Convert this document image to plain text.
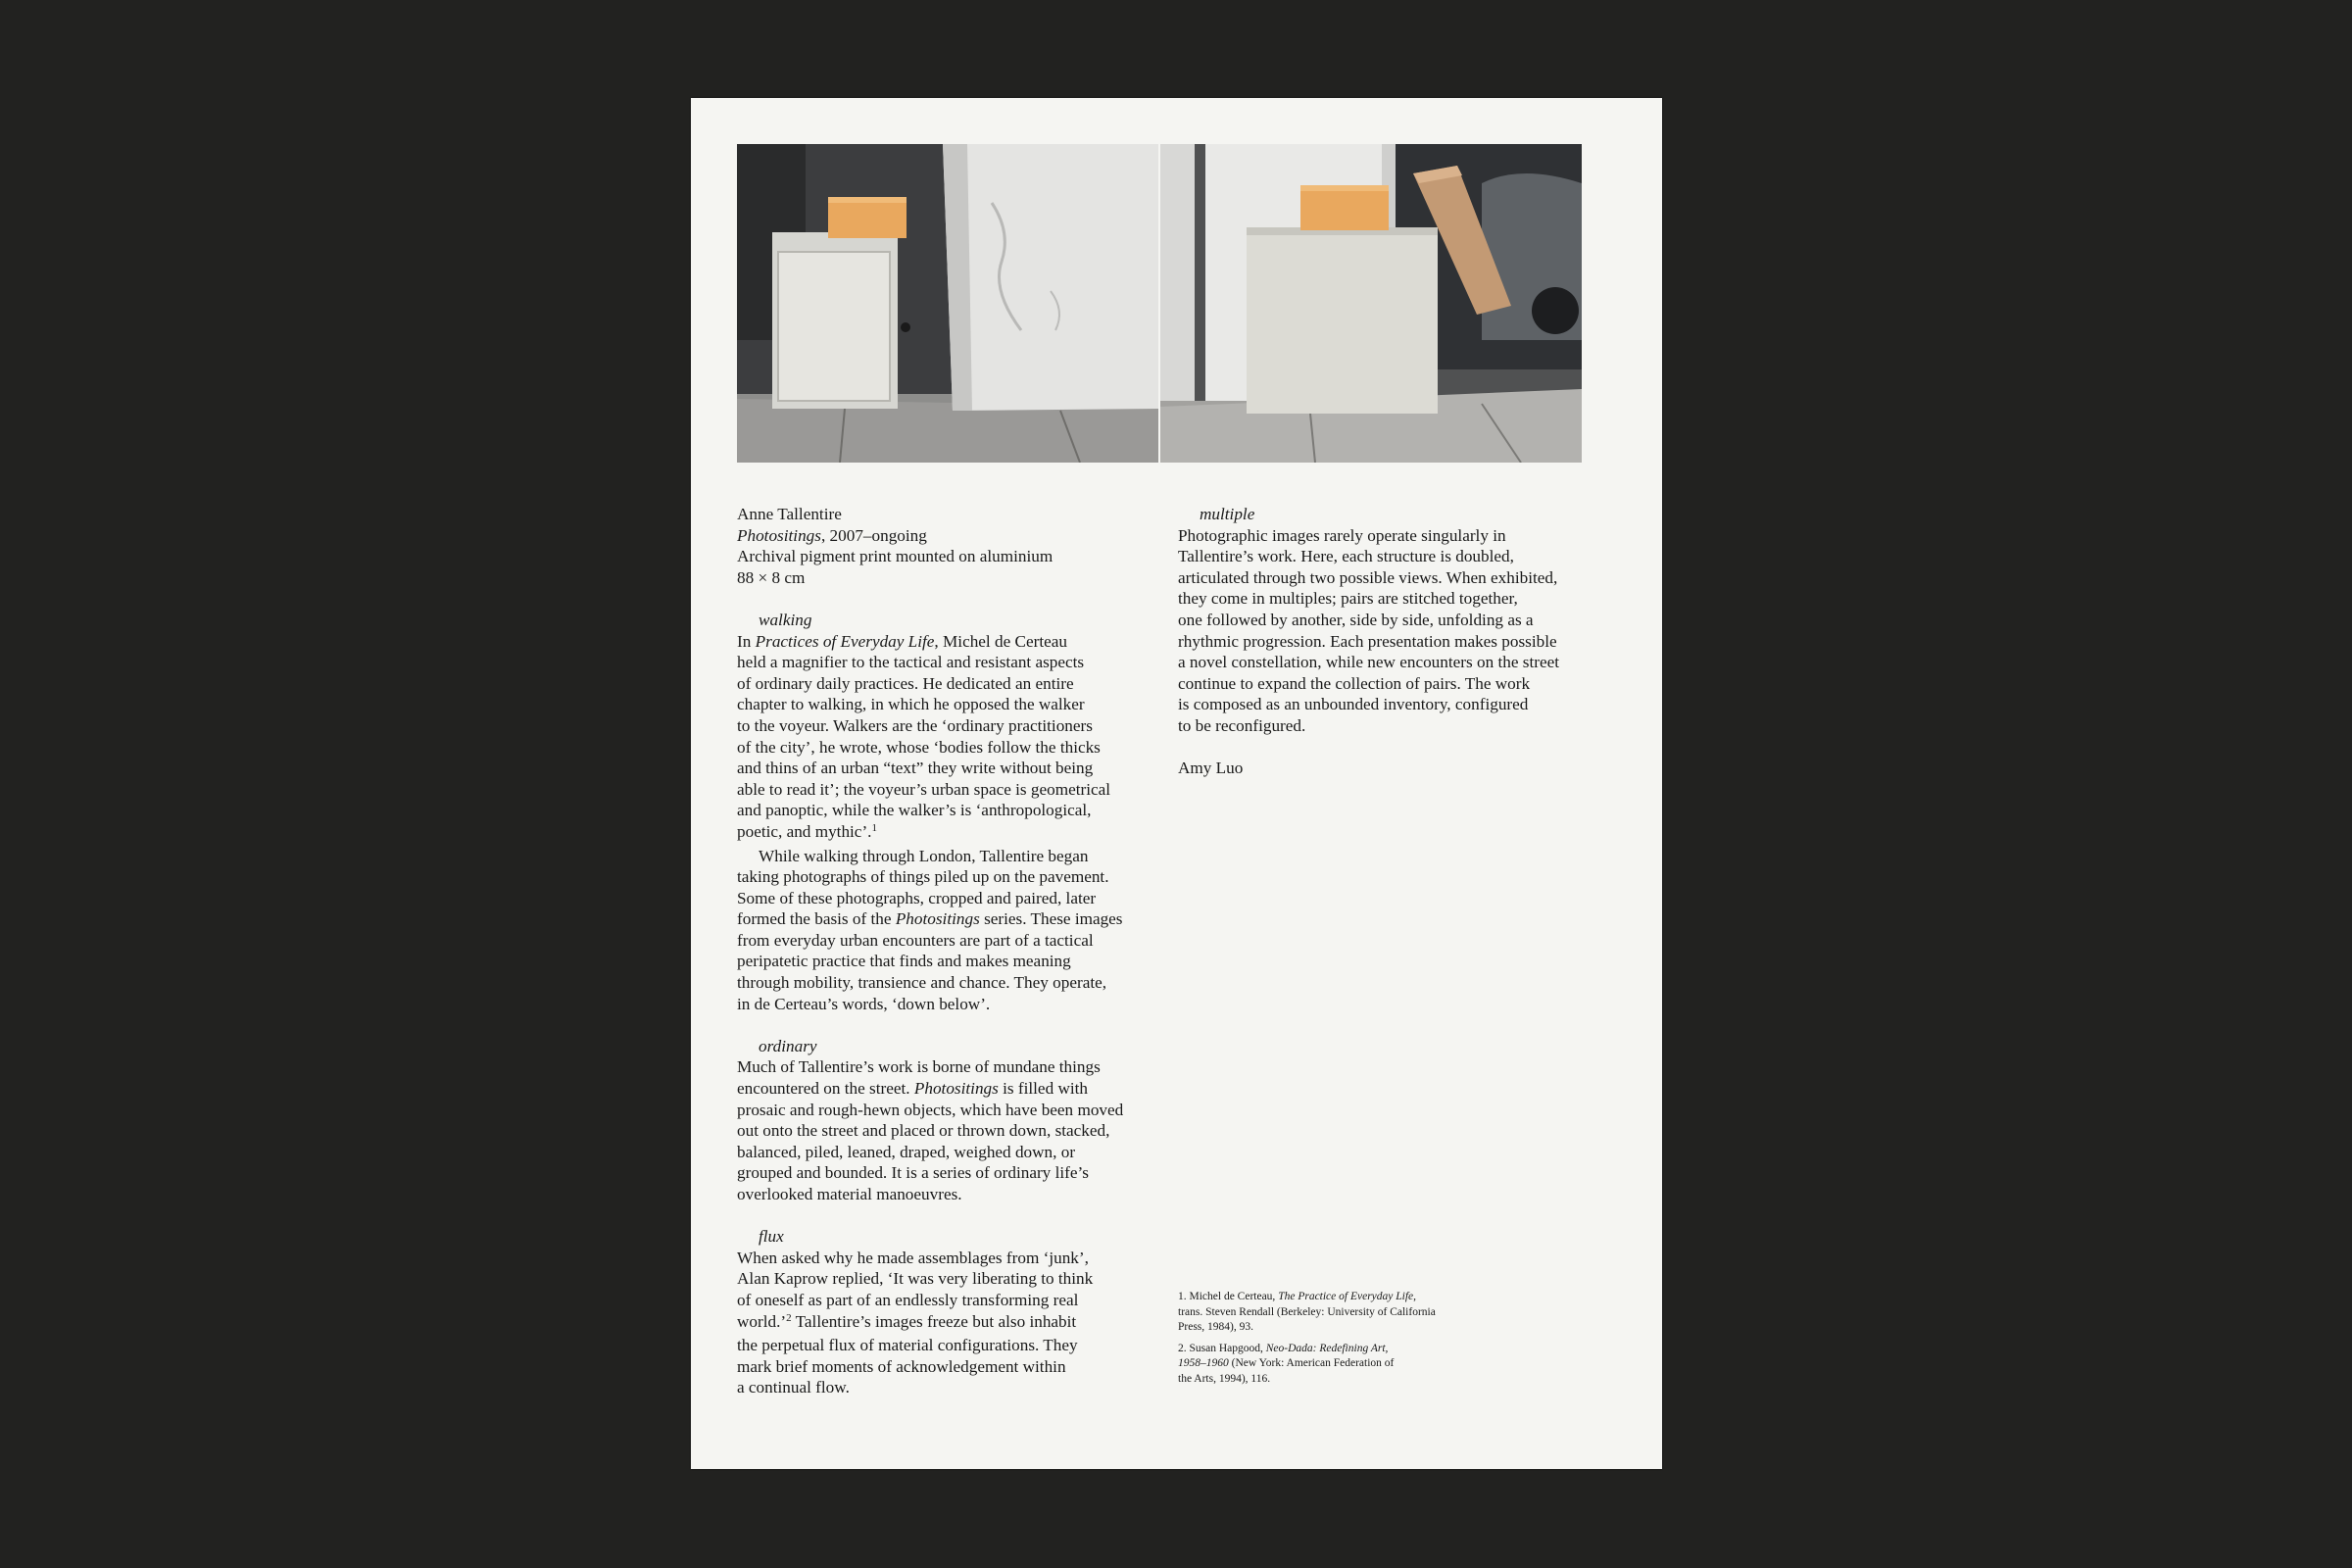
Anne Tallentire
Photositings, 2007–ongoing
Archival pigment print mounted on aluminium
88 × 8 cm
walking
In Practices of Everyday Life, Michel de Certeau
held a magnifier to the tactical and resistant aspects
of ordinary daily practices. He dedicated an entire
chapter to walking, in which he opposed the walker
to the voyeur. Walkers are the ‘ordinary practitioners
of the city’, he wrote, whose ‘bodies follow the thicks
and thins of an urban “text” they write without being
able to read it’; the voyeur’s urban space is geometrical
and panoptic, while the walker’s is ‘anthropological,
poetic, and mythic’.$^1$
While walking through London, Tallentire began
taking photographs of things piled up on the pavement.
Some of these photographs, cropped and paired, later
formed the basis of the Photositings series. These images
from everyday urban encounters are part of a tactical
peripatetic practice that finds and makes meaning
through mobility, transience and chance. They operate,
in de Certeau’s words, ‘down below’.
ordinary
Much of Tallentire’s work is borne of mundane things
encountered on the street. Photositings is filled with
prosaic and rough-hewn objects, which have been moved
out onto the street and placed or thrown down, stacked,
balanced, piled, leaned, draped, weighed down, or
grouped and bounded. It is a series of ordinary life’s
overlooked material manoeuvres.
flux
When asked why he made assemblages from ‘junk’,
Alan Kaprow replied, ‘It was very liberating to think
of oneself as part of an endlessly transforming real
world.’$^2$ Tallentire’s images freeze but also inhabit
the perpetual flux of material configurations. They
mark brief moments of acknowledgement within
a continual flow.
multiple
Photographic images rarely operate singularly in
Tallentire’s work. Here, each structure is doubled,
articulated through two possible views. When exhibited,
they come in multiples; pairs are stitched together,
one followed by another, side by side, unfolding as a
rhythmic progression. Each presentation makes possible
a novel constellation, while new encounters on the street
continue to expand the collection of pairs. The work
is composed as an unbounded inventory, configured
to be reconfigured.
Amy Luo
1. Michel de Certeau, The Practice of Everyday Life,
trans. Steven Rendall (Berkeley: University of California
Press, 1984), 93.
2. Susan Hapgood, Neo-Dada: Redefining Art,
1958–1960 (New York: American Federation of
the Arts, 1994), 116.
